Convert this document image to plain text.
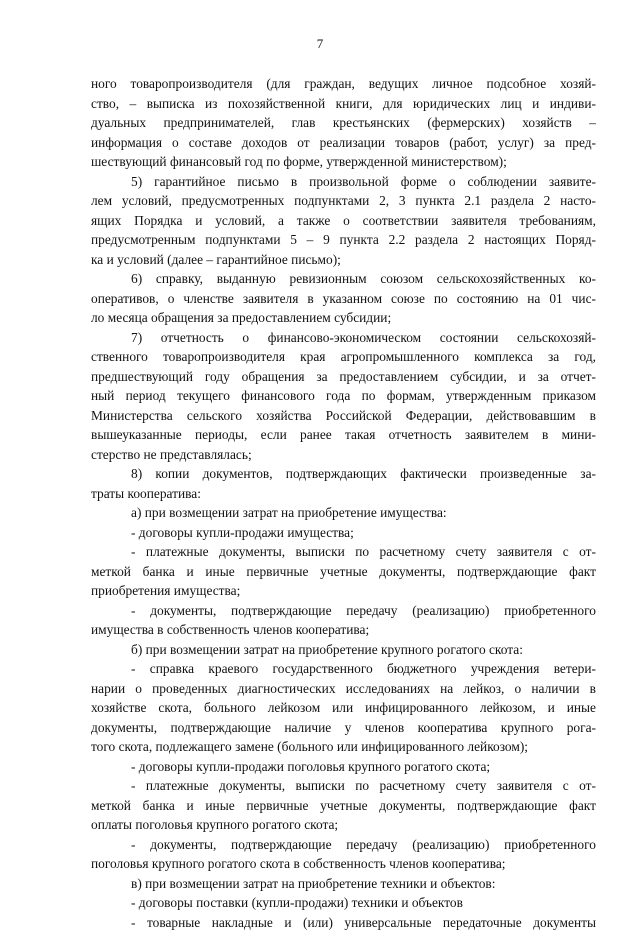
7
ного товаропроизводителя (для граждан, ведущих личное подсобное хозяй-
ство, – выписка из похозяйственной книги, для юридических лиц и индиви-
дуальных предпринимателей, глав крестьянских (фермерских) хозяйств –
информация о составе доходов от реализации товаров (работ, услуг) за пред-
шествующий финансовый год по форме, утвержденной министерством);
5) гарантийное письмо в произвольной форме о соблюдении заявите-
лем условий, предусмотренных подпунктами 2, 3 пункта 2.1 раздела 2 насто-
ящих Порядка и условий, а также о соответствии заявителя требованиям,
предусмотренным подпунктами 5 – 9 пункта 2.2 раздела 2 настоящих Поряд-
ка и условий (далее – гарантийное письмо);
6) справку, выданную ревизионным союзом сельскохозяйственных ко-
оперативов, о членстве заявителя в указанном союзе по состоянию на 01 чис-
ло месяца обращения за предоставлением субсидии;
7) отчетность о финансово-экономическом состоянии сельскохозяй-
ственного товаропроизводителя края агропромышленного комплекса за год,
предшествующий году обращения за предоставлением субсидии, и за отчет-
ный период текущего финансового года по формам, утвержденным приказом
Министерства сельского хозяйства Российской Федерации, действовавшим в
вышеуказанные периоды, если ранее такая отчетность заявителем в мини-
стерство не представлялась;
8) копии документов, подтверждающих фактически произведенные за-
траты кооператива:
а) при возмещении затрат на приобретение имущества:
- договоры купли-продажи имущества;
- платежные документы, выписки по расчетному счету заявителя с от-
меткой банка и иные первичные учетные документы, подтверждающие факт
приобретения имущества;
- документы, подтверждающие передачу (реализацию) приобретенного
имущества в собственность членов кооператива;
б) при возмещении затрат на приобретение крупного рогатого скота:
- справка краевого государственного бюджетного учреждения ветери-
нарии о проведенных диагностических исследованиях на лейкоз, о наличии в
хозяйстве скота, больного лейкозом или инфицированного лейкозом, и иные
документы, подтверждающие наличие у членов кооператива крупного рога-
того скота, подлежащего замене (больного или инфицированного лейкозом);
- договоры купли-продажи поголовья крупного рогатого скота;
- платежные документы, выписки по расчетному счету заявителя с от-
меткой банка и иные первичные учетные документы, подтверждающие факт
оплаты поголовья крупного рогатого скота;
- документы, подтверждающие передачу (реализацию) приобретенного
поголовья крупного рогатого скота в собственность членов кооператива;
в) при возмещении затрат на приобретение техники и объектов:
- договоры поставки (купли-продажи) техники и объектов
- товарные накладные и (или) универсальные передаточные документы
